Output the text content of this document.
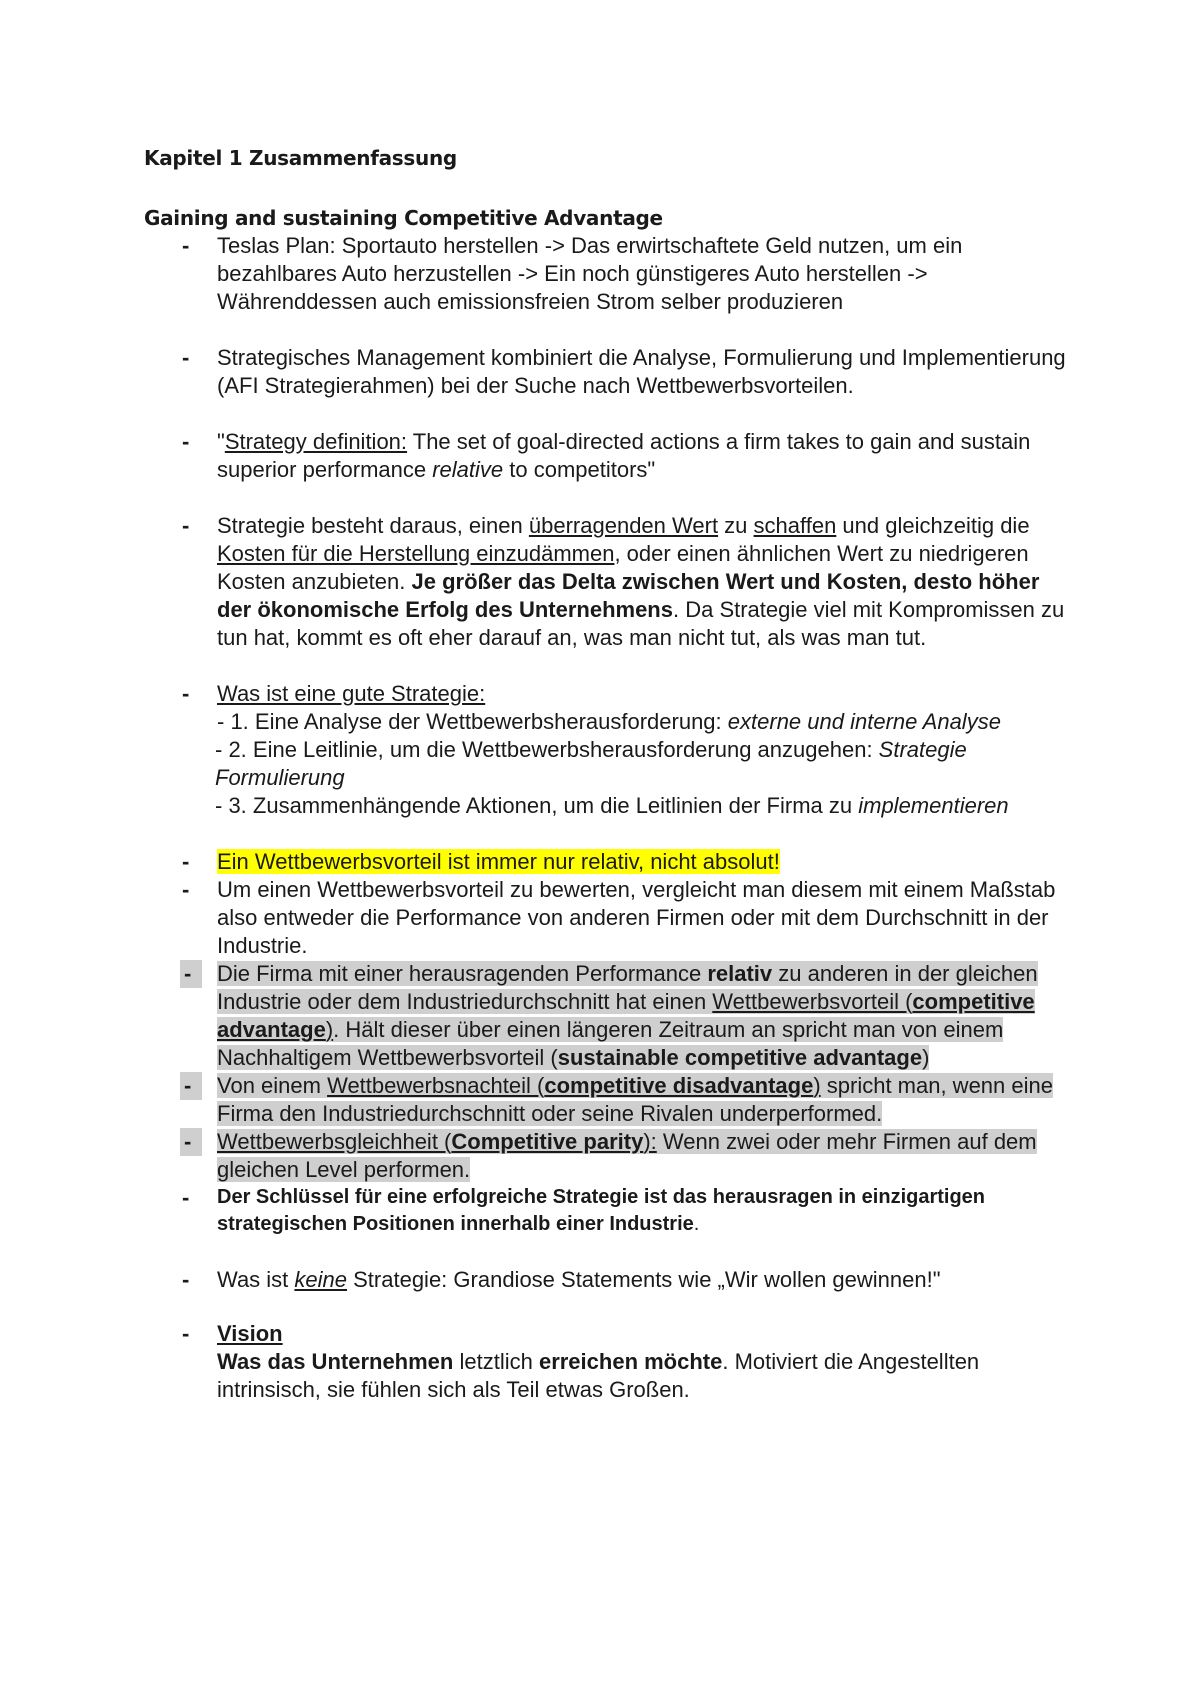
Kapitel 1 Zusammenfassung
Gaining and sustaining Competitive Advantage
-	Teslas Plan: Sportauto herstellen -> Das erwirtschaftete Geld nutzen, um ein bezahlbares Auto herzustellen -> Ein noch günstigeres Auto herstellen -> Währenddessen auch emissionsfreien Strom selber produzieren
-	Strategisches Management kombiniert die Analyse, Formulierung und Implementierung (AFI Strategierahmen) bei der Suche nach Wettbewerbsvorteilen.
-	"Strategy definition: The set of goal-directed actions a firm takes to gain and sustain superior performance relative to competitors"
-	Strategie besteht daraus, einen überragenden Wert zu schaffen und gleichzeitig die Kosten für die Herstellung einzudämmen, oder einen ähnlichen Wert zu niedrigeren Kosten anzubieten. Je größer das Delta zwischen Wert und Kosten, desto höher der ökonomische Erfolg des Unternehmens. Da Strategie viel mit Kompromissen zu tun hat, kommt es oft eher darauf an, was man nicht tut, als was man tut.
-	Was ist eine gute Strategie:
- 1. Eine Analyse der Wettbewerbsherausforderung: externe und interne Analyse
- 2. Eine Leitlinie, um die Wettbewerbsherausforderung anzugehen: Strategie Formulierung
- 3. Zusammenhängende Aktionen, um die Leitlinien der Firma zu implementieren
-	Ein Wettbewerbsvorteil ist immer nur relativ, nicht absolut!
-	Um einen Wettbewerbsvorteil zu bewerten, vergleicht man diesem mit einem Maßstab also entweder die Performance von anderen Firmen oder mit dem Durchschnitt in der Industrie.
-	Die Firma mit einer herausragenden Performance relativ zu anderen in der gleichen Industrie oder dem Industriedurchschnitt hat einen Wettbewerbsvorteil (competitive advantage). Hält dieser über einen längeren Zeitraum an spricht man von einem Nachhaltigem Wettbewerbsvorteil (sustainable competitive advantage)
-	Von einem Wettbewerbsnachteil (competitive disadvantage) spricht man, wenn eine Firma den Industriedurchschnitt oder seine Rivalen underperformed.
-	Wettbewerbsgleichheit (Competitive parity): Wenn zwei oder mehr Firmen auf dem gleichen Level performen.
-	Der Schlüssel für eine erfolgreiche Strategie ist das herausragen in einzigartigen strategischen Positionen innerhalb einer Industrie.
-	Was ist keine Strategie: Grandiose Statements wie „Wir wollen gewinnen!"
-	Vision
Was das Unternehmen letztlich erreichen möchte. Motiviert die Angestellten intrinsisch, sie fühlen sich als Teil etwas Großen.
